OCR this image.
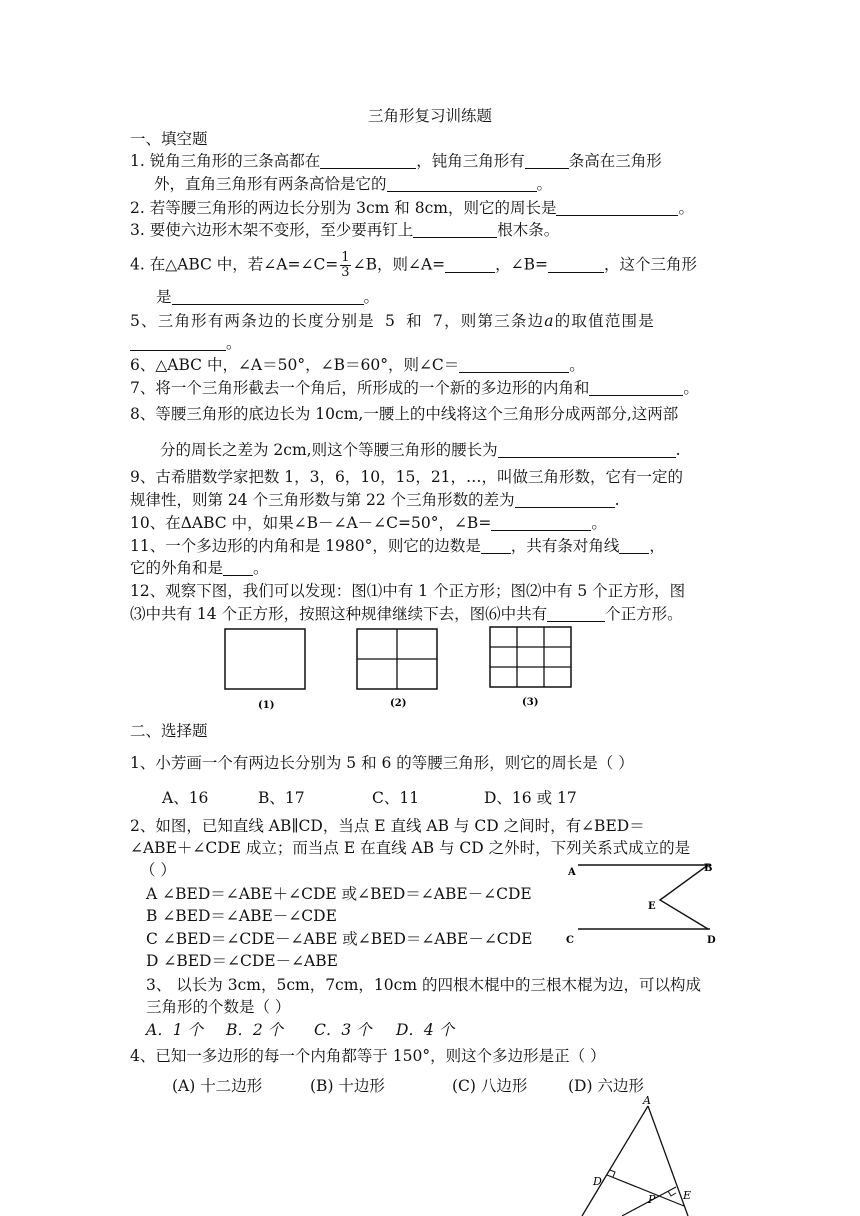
三角形复习训练题
一、填空题
1. 锐角三角形的三条高都在	，钝角三角形有	条高在三角形
外，直角三角形有两条高恰是它的	。
2. 若等腰三角形的两边长分别为 3cm 和 8cm，则它的周长是	。
3. 要使六边形木架不变形，至少要再钉上	根木条。
4. 在△ABC 中，若∠A=∠C= $\frac{1}{3}$ ∠B，则∠A=	，∠B=	，这个三角形
是	。
5、三角形有两条边的长度分别是 5 和 7，则第三条边a的取值范围是
。
6、△ABC 中，∠A＝50°，∠B＝60°，则∠C＝	。
7、将一个三角形截去一个角后，所形成的一个新的多边形的内角和	。
8、等腰三角形的底边长为 10cm,一腰上的中线将这个三角形分成两部分,这两部
分的周长之差为 2cm,则这个等腰三角形的腰长为	.
9、古希腊数学家把数 1，3，6，10，15，21，…，叫做三角形数，它有一定的
规律性，则第 24 个三角形数与第 22 个三角形数的差为	.
10、在ΔABC 中，如果∠B－∠A－∠C=50°，∠B=	。
11、一个多边形的内角和是 1980°，则它的边数是 ，共有条对角线 ，
它的外角和是 。
12、观察下图，我们可以发现：图⑴中有 1 个正方形；图⑵中有 5 个正方形，图
⑶中共有 14 个正方形，按照这种规律继续下去，图⑹中共有	个正方形。
(1)	(2)	(3)
二、选择题
1、小芳画一个有两边长分别为 5 和 6 的等腰三角形，则它的周长是（ ）
A、16	B、17	C、11	D、16 或 17
2、如图，已知直线 AB∥CD，当点 E 直线 AB 与 CD 之间时，有∠BED＝
∠ABE＋∠CDE 成立；而当点 E 在直线 AB 与 CD 之外时，下列关系式成立的是
（ ）
A ∠BED＝∠ABE＋∠CDE 或∠BED＝∠ABE－∠CDE
B ∠BED＝∠ABE－∠CDE
C ∠BED＝∠CDE－∠ABE 或∠BED＝∠ABE－∠CDE
D ∠BED＝∠CDE－∠ABE
A	B
E
C	D
3、 以长为 3cm，5cm，7cm，10cm 的四根木棍中的三根木棍为边，可以构成
三角形的个数是（ ）
A．1 个 B．2 个 C．3 个 D．4 个
4、已知一多边形的每一个内角都等于 150°，则这个多边形是正（ ）
(A) 十二边形	(B) 十边形	(C) 八边形	(D) 六边形
A
D
P	E
